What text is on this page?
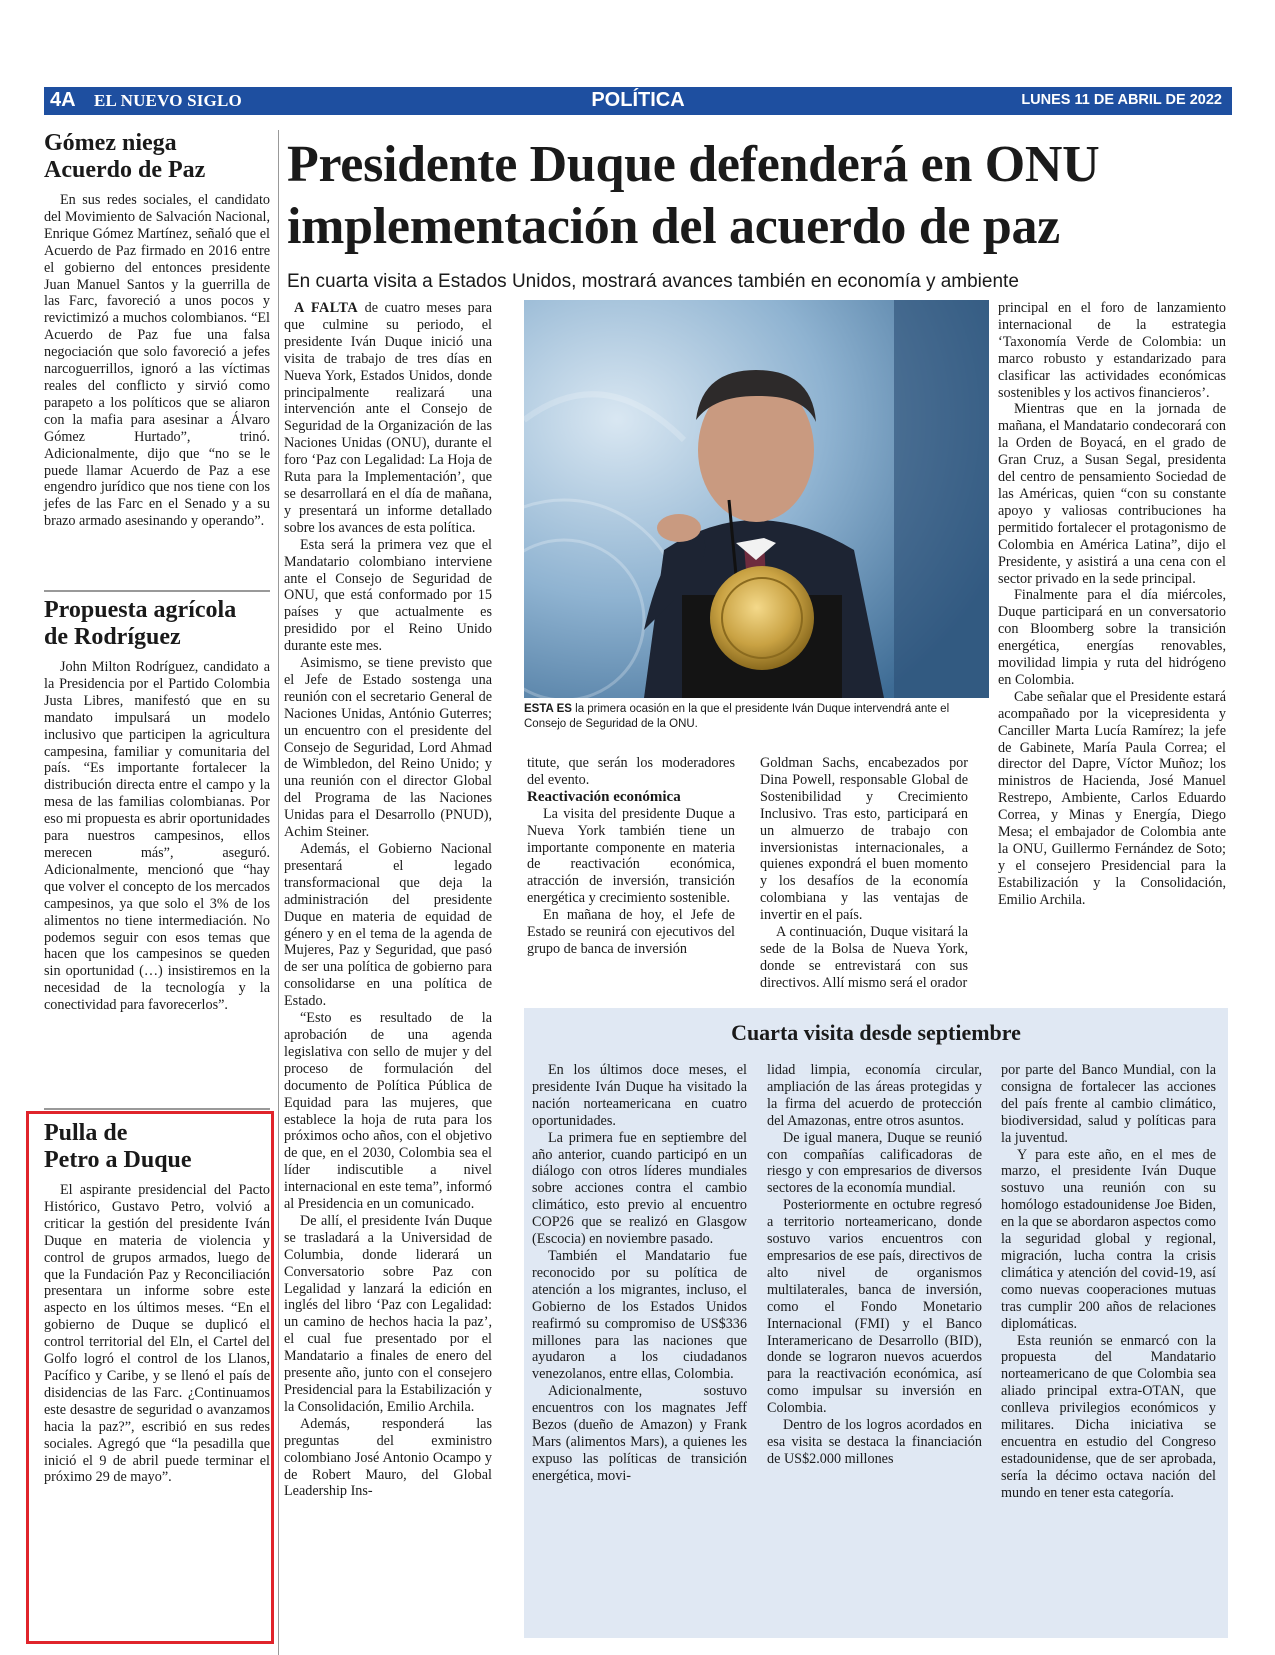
POLÍTICA
4A EL NUEVO SIGLO	LUNES 11 DE ABRIL DE 2022

Gómez niega
Acuerdo de Paz

En sus redes sociales, el candidato del Movimiento de Salvación Nacional, Enrique Gómez Martínez, señaló que el Acuerdo de Paz firmado en 2016 entre el gobierno del entonces presidente Juan Manuel Santos y la guerrilla de las Farc, favoreció a unos pocos y revictimizó a muchos colombianos. “El Acuerdo de Paz fue una falsa negociación que solo favoreció a jefes narcoguerrillos, ignoró a las víctimas reales del conflicto y sirvió como parapeto a los políticos que se aliaron con la mafia para asesinar a Álvaro Gómez Hurtado”, trinó. Adicionalmente, dijo que “no se le puede llamar Acuerdo de Paz a ese engendro jurídico que nos tiene con los jefes de las Farc en el Senado y a su brazo armado asesinando y operando”.

Propuesta agrícola
de Rodríguez

John Milton Rodríguez, candidato a la Presidencia por el Partido Colombia Justa Libres, manifestó que en su mandato impulsará un modelo inclusivo que participen la agricultura campesina, familiar y comunitaria del país. “Es importante fortalecer la distribución directa entre el campo y la mesa de las familias colombianas. Por eso mi propuesta es abrir oportunidades para nuestros campesinos, ellos merecen más”, aseguró. Adicionalmente, mencionó que “hay que volver el concepto de los mercados campesinos, ya que solo el 3% de los alimentos no tiene intermediación. No podemos seguir con esos temas que hacen que los campesinos se queden sin oportunidad (…) insistiremos en la necesidad de la tecnología y la conectividad para favorecerlos”.

Pulla de
Petro a Duque

El aspirante presidencial del Pacto Histórico, Gustavo Petro, volvió a criticar la gestión del presidente Iván Duque en materia de violencia y control de grupos armados, luego de que la Fundación Paz y Reconciliación presentara un informe sobre este aspecto en los últimos meses. “En el gobierno de Duque se duplicó el control territorial del Eln, el Cartel del Golfo logró el control de los Llanos, Pacífico y Caribe, y se llenó el país de disidencias de las Farc. ¿Continuamos este desastre de seguridad o avanzamos hacia la paz?”, escribió en sus redes sociales. Agregó que “la pesadilla que inició el 9 de abril puede terminar el próximo 29 de mayo”.

Presidente Duque defenderá en ONU
implementación del acuerdo de paz

En cuarta visita a Estados Unidos, mostrará avances también en economía y ambiente

A FALTA de cuatro meses para que culmine su periodo, el presidente Iván Duque inició una visita de trabajo de tres días en Nueva York, Estados Unidos, donde principalmente realizará una intervención ante el Consejo de Seguridad de la Organización de las Naciones Unidas (ONU), durante el foro ‘Paz con Legalidad: La Hoja de Ruta para la Implementación’, que se desarrollará en el día de mañana, y presentará un informe detallado sobre los avances de esta política.

Esta será la primera vez que el Mandatario colombiano interviene ante el Consejo de Seguridad de ONU, que está conformado por 15 países y que actualmente es presidido por el Reino Unido durante este mes.

Asimismo, se tiene previsto que el Jefe de Estado sostenga una reunión con el secretario General de Naciones Unidas, António Guterres; un encuentro con el presidente del Consejo de Seguridad, Lord Ahmad de Wimbledon, del Reino Unido; y una reunión con el director Global del Programa de las Naciones Unidas para el Desarrollo (PNUD), Achim Steiner.

Además, el Gobierno Nacional presentará el legado transformacional que deja la administración del presidente Duque en materia de equidad de género y en el tema de la agenda de Mujeres, Paz y Seguridad, que pasó de ser una política de gobierno para consolidarse en una política de Estado.

“Esto es resultado de la aprobación de una agenda legislativa con sello de mujer y del proceso de formulación del documento de Política Pública de Equidad para las mujeres, que establece la hoja de ruta para los próximos ocho años, con el objetivo de que, en el 2030, Colombia sea el líder indiscutible a nivel internacional en este tema”, informó al Presidencia en un comunicado.

De allí, el presidente Iván Duque se trasladará a la Universidad de Columbia, donde liderará un Conversatorio sobre Paz con Legalidad y lanzará la edición en inglés del libro ‘Paz con Legalidad: un camino de hechos hacia la paz’, el cual fue presentado por el Mandatario a finales de enero del presente año, junto con el consejero Presidencial para la Estabilización y la Consolidación, Emilio Archila.

Además, responderá las preguntas del exministro colombiano José Antonio Ocampo y de Robert Mauro, del Global Leadership Ins-

ESTA ES la primera ocasión en la que el presidente Iván Duque intervendrá ante el Consejo de Seguridad de la ONU.

titute, que serán los moderadores del evento.

Reactivación económica

La visita del presidente Duque a Nueva York también tiene un importante componente en materia de reactivación económica, atracción de inversión, transición energética y crecimiento sostenible.

En mañana de hoy, el Jefe de Estado se reunirá con ejecutivos del grupo de banca de inversión

Goldman Sachs, encabezados por Dina Powell, responsable Global de Sostenibilidad y Crecimiento Inclusivo. Tras esto, participará en un almuerzo de trabajo con inversionistas internacionales, a quienes expondrá el buen momento y los desafíos de la economía colombiana y las ventajas de invertir en el país.

A continuación, Duque visitará la sede de la Bolsa de Nueva York, donde se entrevistará con sus directivos. Allí mismo será el orador

principal en el foro de lanzamiento internacional de la estrategia ‘Taxonomía Verde de Colombia: un marco robusto y estandarizado para clasificar las actividades económicas sostenibles y los activos financieros’.

Mientras que en la jornada de mañana, el Mandatario condecorará con la Orden de Boyacá, en el grado de Gran Cruz, a Susan Segal, presidenta del centro de pensamiento Sociedad de las Américas, quien “con su constante apoyo y valiosas contribuciones ha permitido fortalecer el protagonismo de Colombia en América Latina”, dijo el Presidente, y asistirá a una cena con el sector privado en la sede principal.

Finalmente para el día miércoles, Duque participará en un conversatorio con Bloomberg sobre la transición energética, energías renovables, movilidad limpia y ruta del hidrógeno en Colombia.

Cabe señalar que el Presidente estará acompañado por la vicepresidenta y Canciller Marta Lucía Ramírez; la jefe de Gabinete, María Paula Correa; el director del Dapre, Víctor Muñoz; los ministros de Hacienda, José Manuel Restrepo, Ambiente, Carlos Eduardo Correa, y Minas y Energía, Diego Mesa; el embajador de Colombia ante la ONU, Guillermo Fernández de Soto; y el consejero Presidencial para la Estabilización y la Consolidación, Emilio Archila.

Cuarta visita desde septiembre

En los últimos doce meses, el presidente Iván Duque ha visitado la nación norteamericana en cuatro oportunidades.

La primera fue en septiembre del año anterior, cuando participó en un diálogo con otros líderes mundiales sobre acciones contra el cambio climático, esto previo al encuentro COP26 que se realizó en Glasgow (Escocia) en noviembre pasado.

También el Mandatario fue reconocido por su política de atención a los migrantes, incluso, el Gobierno de los Estados Unidos reafirmó su compromiso de US$336 millones para las naciones que ayudaron a los ciudadanos venezolanos, entre ellas, Colombia.

Adicionalmente, sostuvo encuentros con los magnates Jeff Bezos (dueño de Amazon) y Frank Mars (alimentos Mars), a quienes les expuso las políticas de transición energética, movi-

lidad limpia, economía circular, ampliación de las áreas protegidas y la firma del acuerdo de protección del Amazonas, entre otros asuntos.

De igual manera, Duque se reunió con compañías calificadoras de riesgo y con empresarios de diversos sectores de la economía mundial.

Posteriormente en octubre regresó a territorio norteamericano, donde sostuvo varios encuentros con empresarios de ese país, directivos de alto nivel de organismos multilaterales, banca de inversión, como el Fondo Monetario Internacional (FMI) y el Banco Interamericano de Desarrollo (BID), donde se lograron nuevos acuerdos para la reactivación económica, así como impulsar su inversión en Colombia.

Dentro de los logros acordados en esa visita se destaca la financiación de US$2.000 millones

por parte del Banco Mundial, con la consigna de fortalecer las acciones del país frente al cambio climático, biodiversidad, salud y políticas para la juventud.

Y para este año, en el mes de marzo, el presidente Iván Duque sostuvo una reunión con su homólogo estadounidense Joe Biden, en la que se abordaron aspectos como la seguridad global y regional, migración, lucha contra la crisis climática y atención del covid-19, así como nuevas cooperaciones mutuas tras cumplir 200 años de relaciones diplomáticas.

Esta reunión se enmarcó con la propuesta del Mandatario norteamericano de que Colombia sea aliado principal extra-OTAN, que conlleva privilegios económicos y militares. Dicha iniciativa se encuentra en estudio del Congreso estadounidense, que de ser aprobada, sería la décimo octava nación del mundo en tener esta categoría.
